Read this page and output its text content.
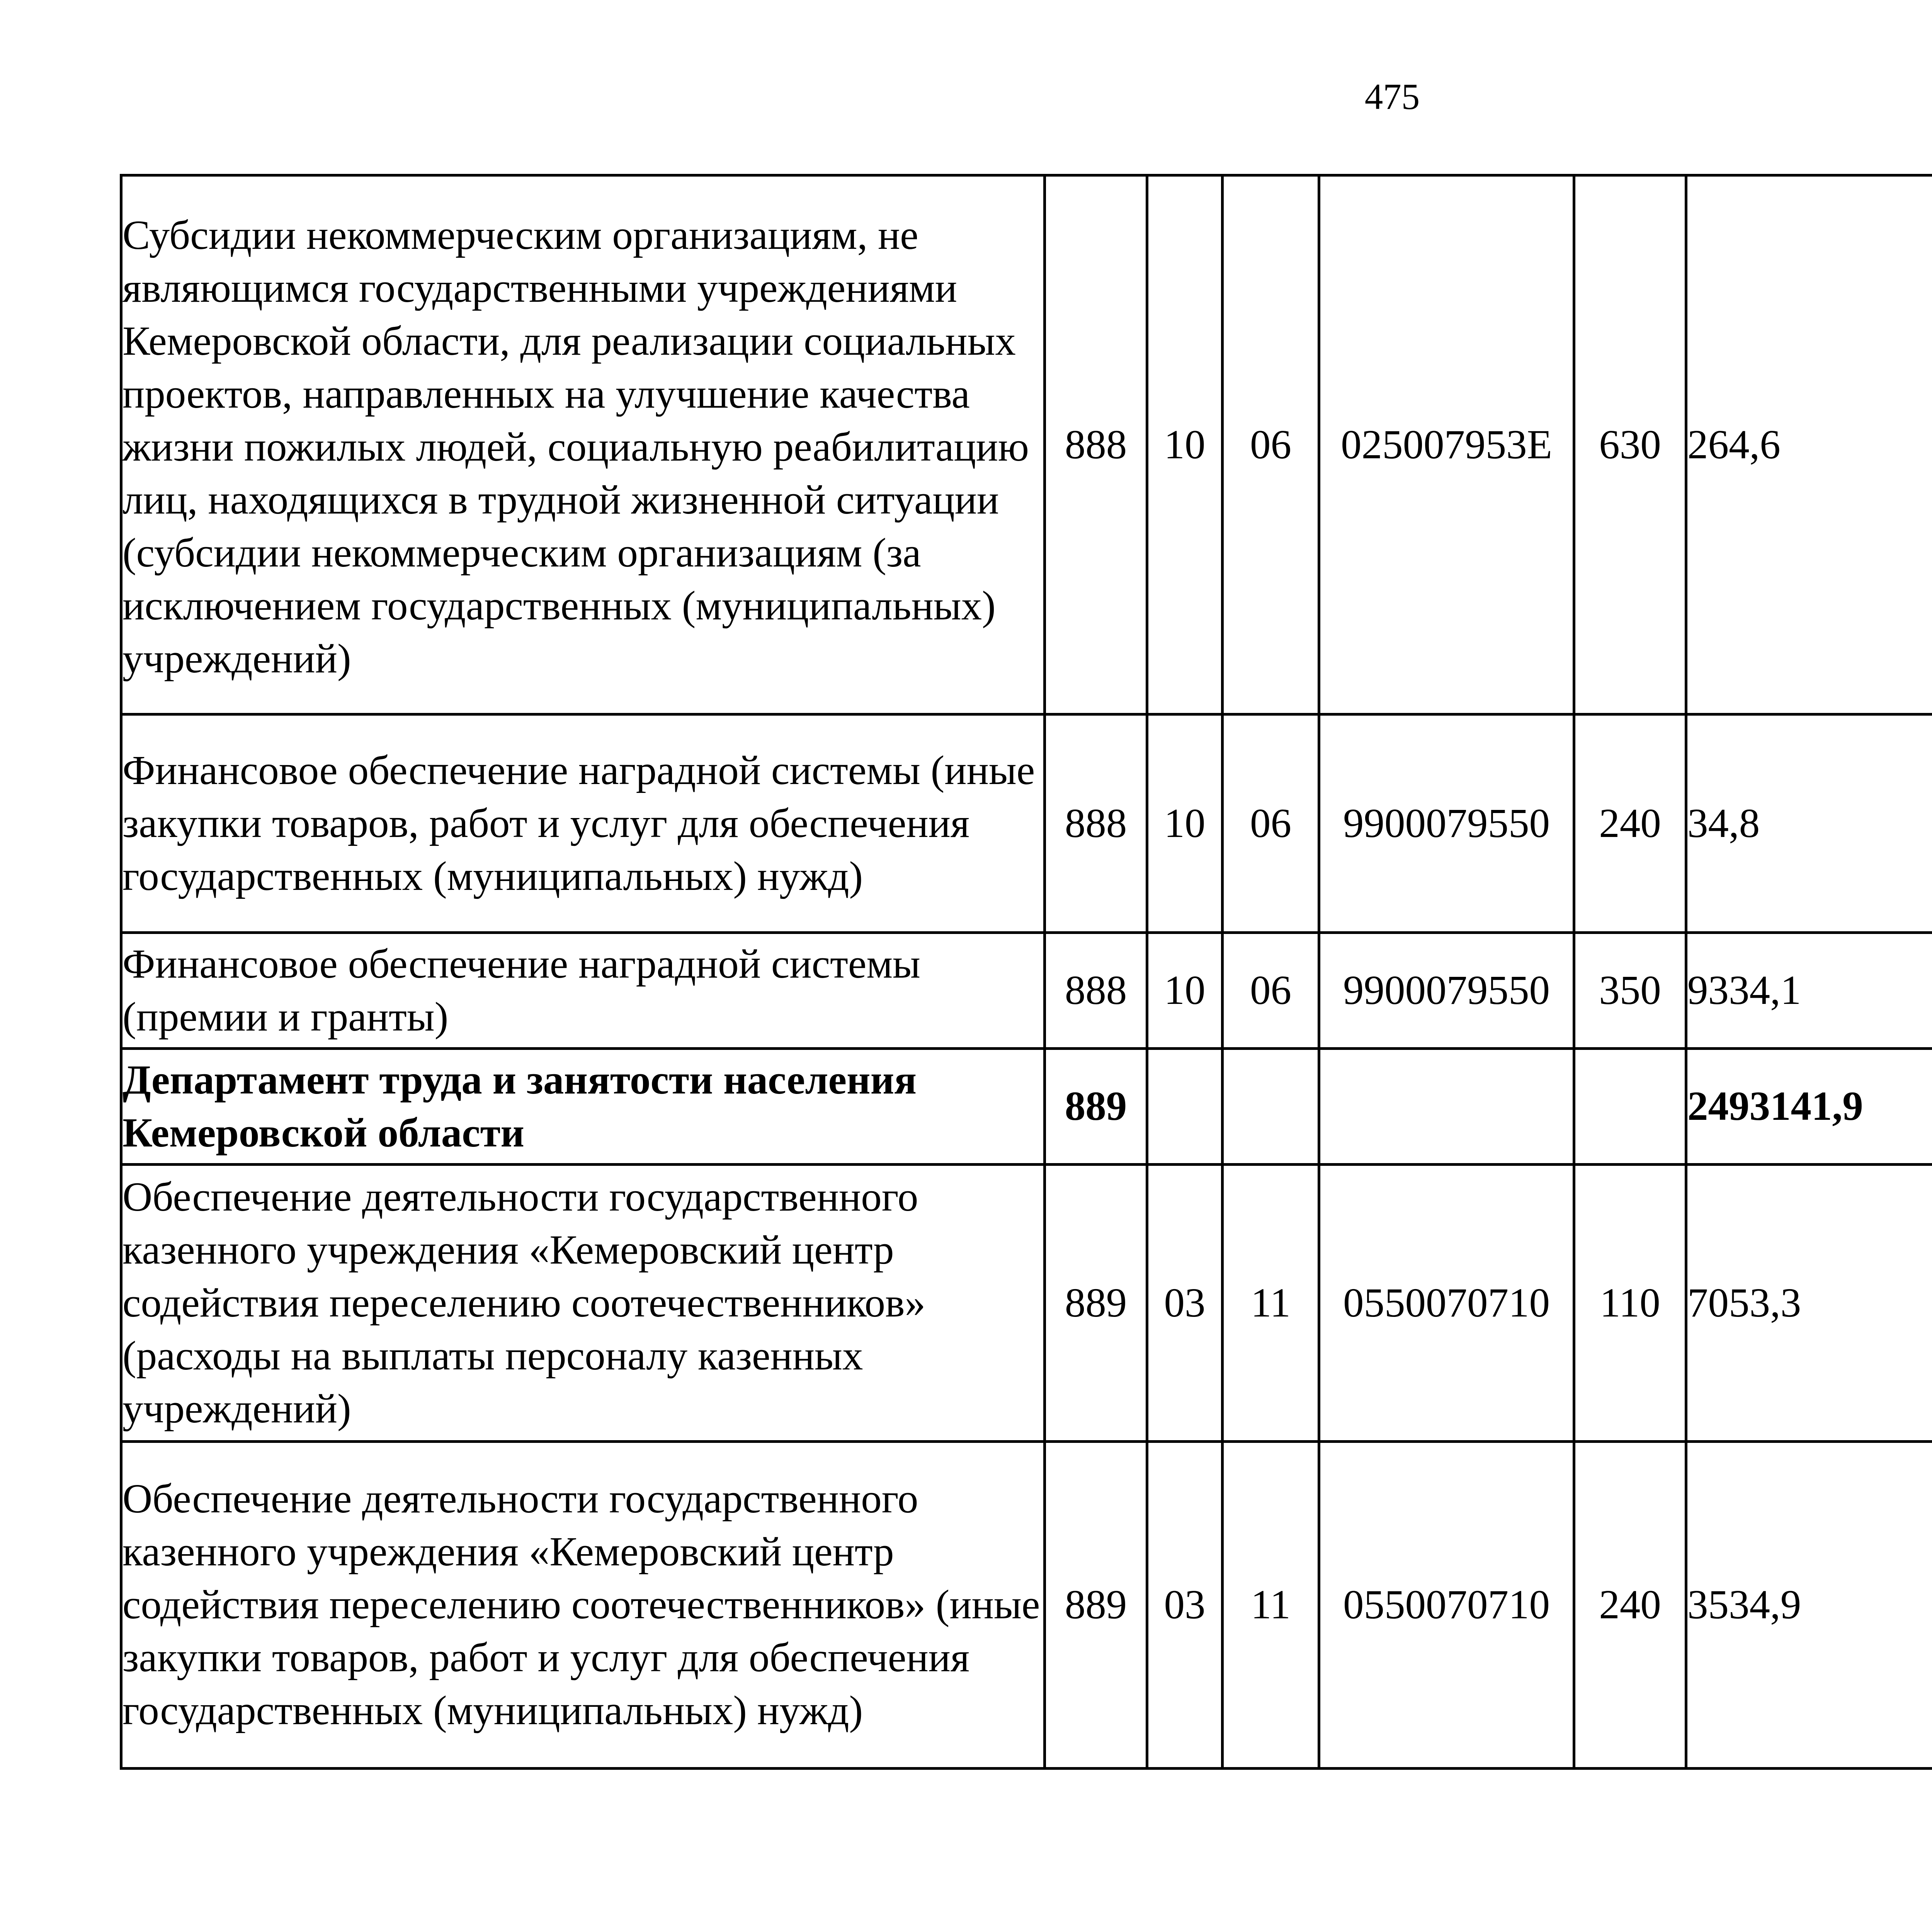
475
Субсидии некоммерческим организациям, не являющимся государственными учреждениями Кемеровской области, для реализации социальных проектов, направленных на улучшение качества жизни пожилых людей, социальную реабилитацию лиц, находящихся в трудной жизненной ситуации (субсидии некоммерческим организациям (за исключением государственных (муниципальных) учреждений)	888	10	06	025007953E	630	264,6		
Финансовое обеспечение наградной системы (иные закупки товаров, работ и услуг для обеспечения государственных (муниципальных) нужд)	888	10	06	9900079550	240	34,8		
Финансовое обеспечение наградной системы (премии и гранты)	888	10	06	9900079550	350	9334,1		
Департамент труда и занятости населения Кемеровской области	889					2493141,9		
Обеспечение деятельности государственного казенного учреждения «Кемеровский центр содействия переселению соотечественников» (расходы на выплаты персоналу казенных учреждений)	889	03	11	0550070710	110	7053,3		
Обеспечение деятельности государственного казенного учреждения «Кемеровский центр содействия переселению соотечественников» (иные закупки товаров, работ и услуг для обеспечения государственных (муниципальных) нужд)	889	03	11	0550070710	240	3534,9		
